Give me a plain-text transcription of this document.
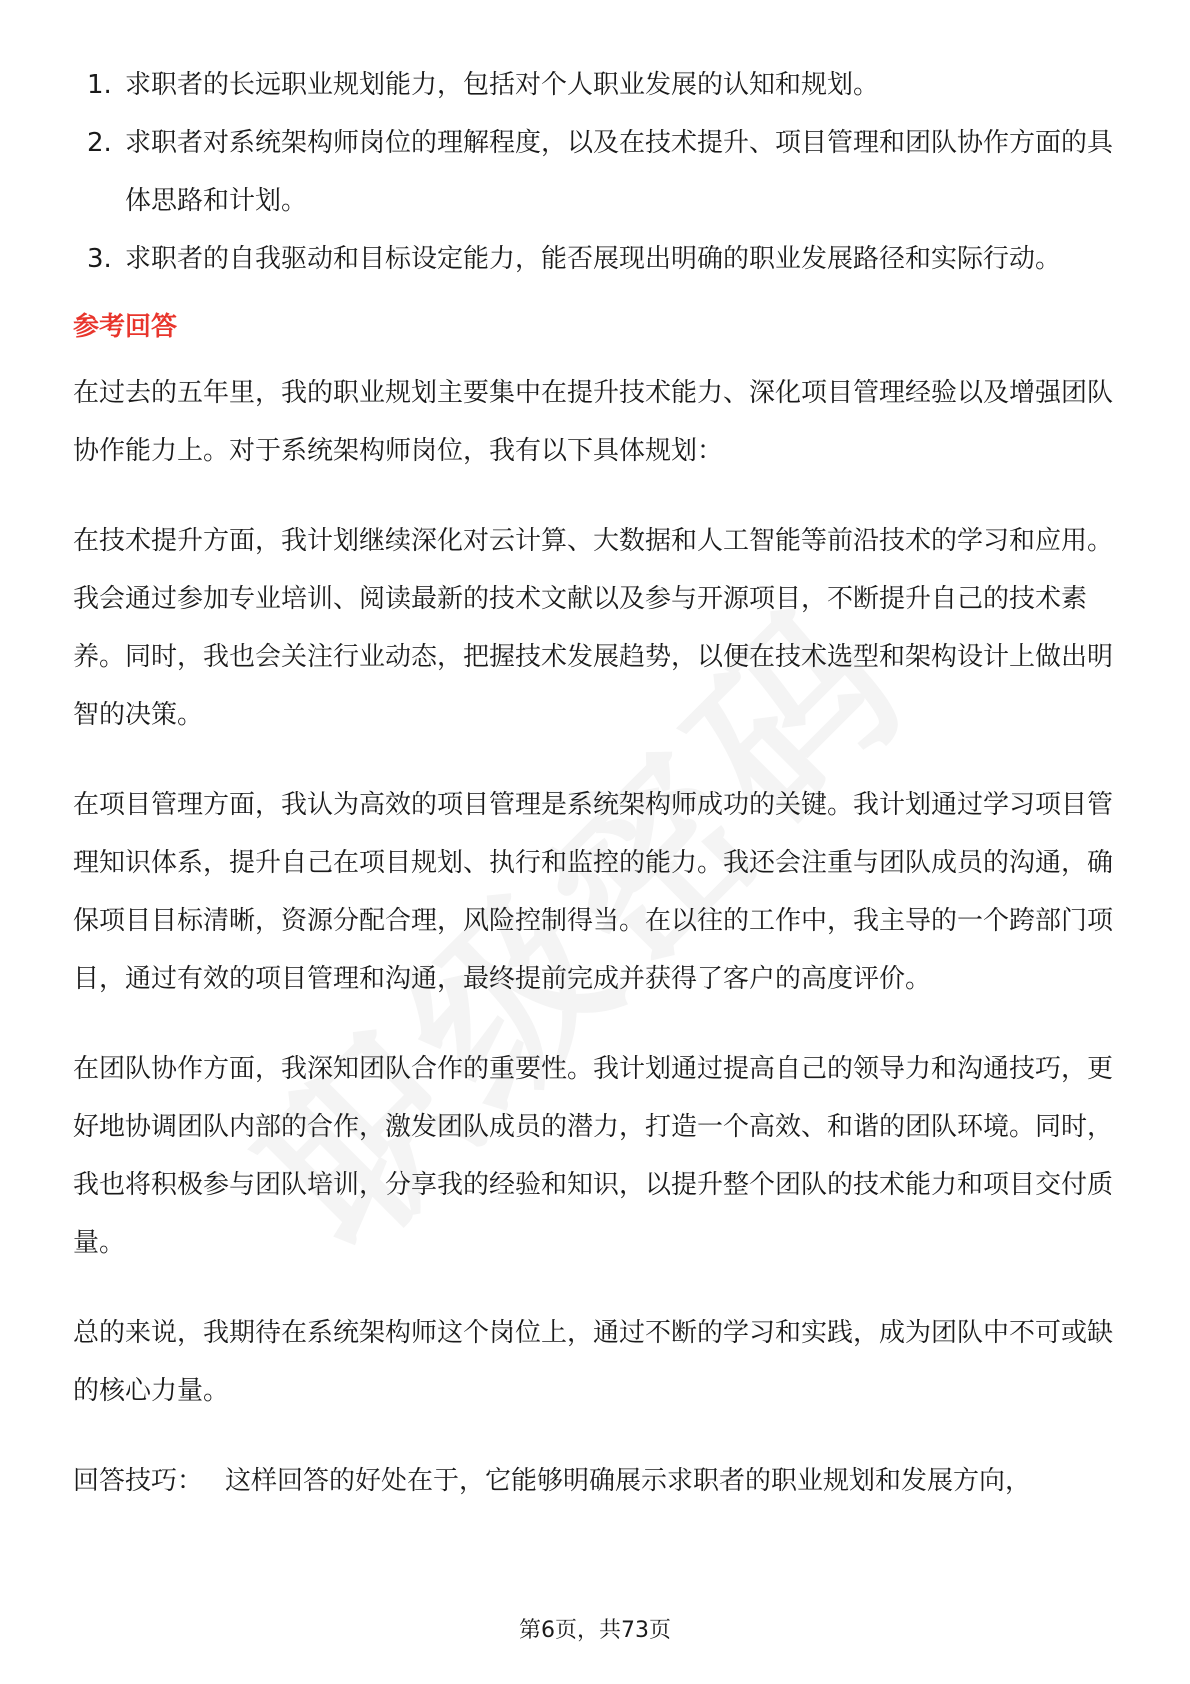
1. 求职者的长远职业规划能力，包括对个人职业发展的认知和规划。
2. 求职者对系统架构师岗位的理解程度，以及在技术提升、项目管理和团队协作方面的具体思路和计划。
3. 求职者的自我驱动和目标设定能力，能否展现出明确的职业发展路径和实际行动。
参考回答

在过去的五年里，我的职业规划主要集中在提升技术能力、深化项目管理经验以及增强团队协作能力上。对于系统架构师岗位，我有以下具体规划：

在技术提升方面，我计划继续深化对云计算、大数据和人工智能等前沿技术的学习和应用。我会通过参加专业培训、阅读最新的技术文献以及参与开源项目，不断提升自己的技术素养。同时，我也会关注行业动态，把握技术发展趋势，以便在技术选型和架构设计上做出明智的决策。

在项目管理方面，我认为高效的项目管理是系统架构师成功的关键。我计划通过学习项目管理知识体系，提升自己在项目规划、执行和监控的能力。我还会注重与团队成员的沟通，确保项目目标清晰，资源分配合理，风险控制得当。在以往的工作中，我主导的一个跨部门项目，通过有效的项目管理和沟通，最终提前完成并获得了客户的高度评价。

在团队协作方面，我深知团队合作的重要性。我计划通过提高自己的领导力和沟通技巧，更好地协调团队内部的合作，激发团队成员的潜力，打造一个高效、和谐的团队环境。同时，我也将积极参与团队培训，分享我的经验和知识，以提升整个团队的技术能力和项目交付质量。

总的来说，我期待在系统架构师这个岗位上，通过不断的学习和实践，成为团队中不可或缺的核心力量。

回答技巧： 这样回答的好处在于，它能够明确展示求职者的职业规划和发展方向，

第6页，共73页
